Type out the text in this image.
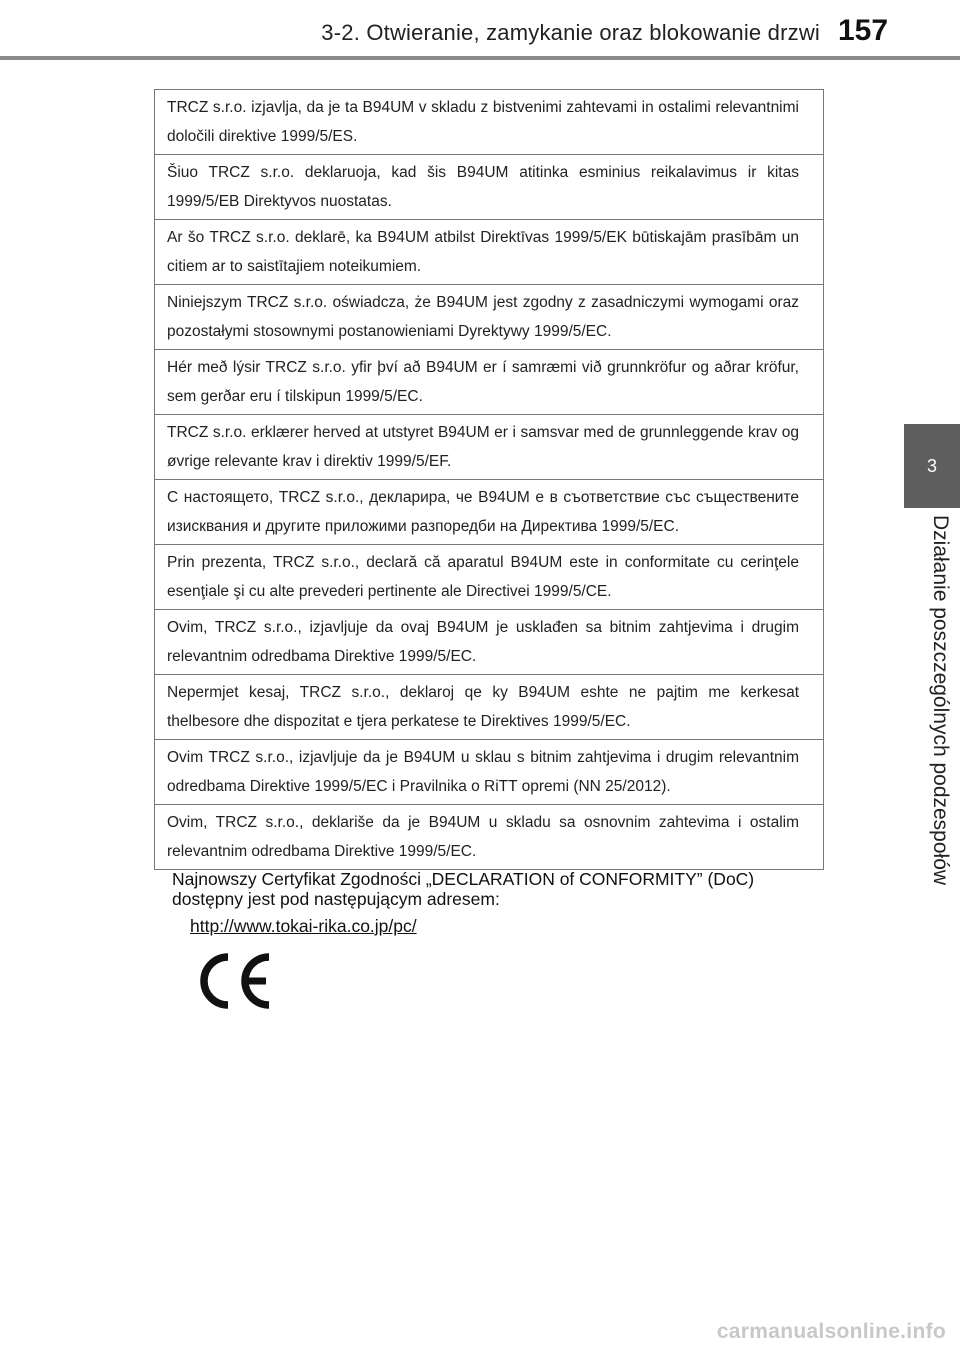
3-2. Otwieranie, zamykanie oraz blokowanie drzwi 157
3
Działanie poszczególnych podzespołów
TRCZ s.r.o. izjavlja, da je ta B94UM v skladu z bistvenimi zahtevami in ostalimi relevantnimi določili direktive 1999/5/ES.
Šiuo TRCZ s.r.o. deklaruoja, kad šis B94UM atitinka esminius reikalavimus ir kitas 1999/5/EB Direktyvos nuostatas.
Ar šo TRCZ s.r.o. deklarē, ka B94UM atbilst Direktīvas 1999/5/EK būtiskajām prasībām un citiem ar to saistītajiem noteikumiem.
Niniejszym TRCZ s.r.o. oświadcza, że B94UM jest zgodny z zasadniczymi wymogami oraz pozostałymi stosownymi postanowieniami Dyrektywy 1999/5/EC.
Hér með lýsir TRCZ s.r.o. yfir því að B94UM er í samræmi við grunnkröfur og aðrar kröfur, sem gerðar eru í tilskipun 1999/5/EC.
TRCZ s.r.o. erklærer herved at utstyret B94UM er i samsvar med de grunnleggende krav og øvrige relevante krav i direktiv 1999/5/EF.
С настоящето, TRCZ s.r.o., декларира, че B94UM е в съответствие със съществените изисквания и другите приложими разпоредби на Директива 1999/5/ЕС.
Prin prezenta, TRCZ s.r.o., declară că aparatul B94UM este in conformitate cu cerinţele esenţiale şi cu alte prevederi pertinente ale Directivei 1999/5/CE.
Ovim, TRCZ s.r.o., izjavljuje da ovaj B94UM je usklađen sa bitnim zahtjevima i drugim relevantnim odredbama Direktive 1999/5/EC.
Nepermjet kesaj, TRCZ s.r.o., deklaroj qe ky B94UM eshte ne pajtim me kerkesat thelbesore dhe dispozitat e tjera perkatese te Direktives 1999/5/EC.
Ovim TRCZ s.r.o., izjavljuje da je B94UM u sklau s bitnim zahtjevima i drugim relevantnim odredbama Direktive 1999/5/EC i Pravilnika o RiTT opremi (NN 25/2012).
Ovim, TRCZ s.r.o., deklariše da je B94UM u skladu sa osnovnim zahtevima i ostalim relevantnim odredbama Direktive 1999/5/EC.
Najnowszy Certyfikat Zgodności „DECLARATION of CONFORMITY” (DoC) dostępny jest pod następującym adresem:
http://www.tokai-rika.co.jp/pc/
carmanualsonline.info
